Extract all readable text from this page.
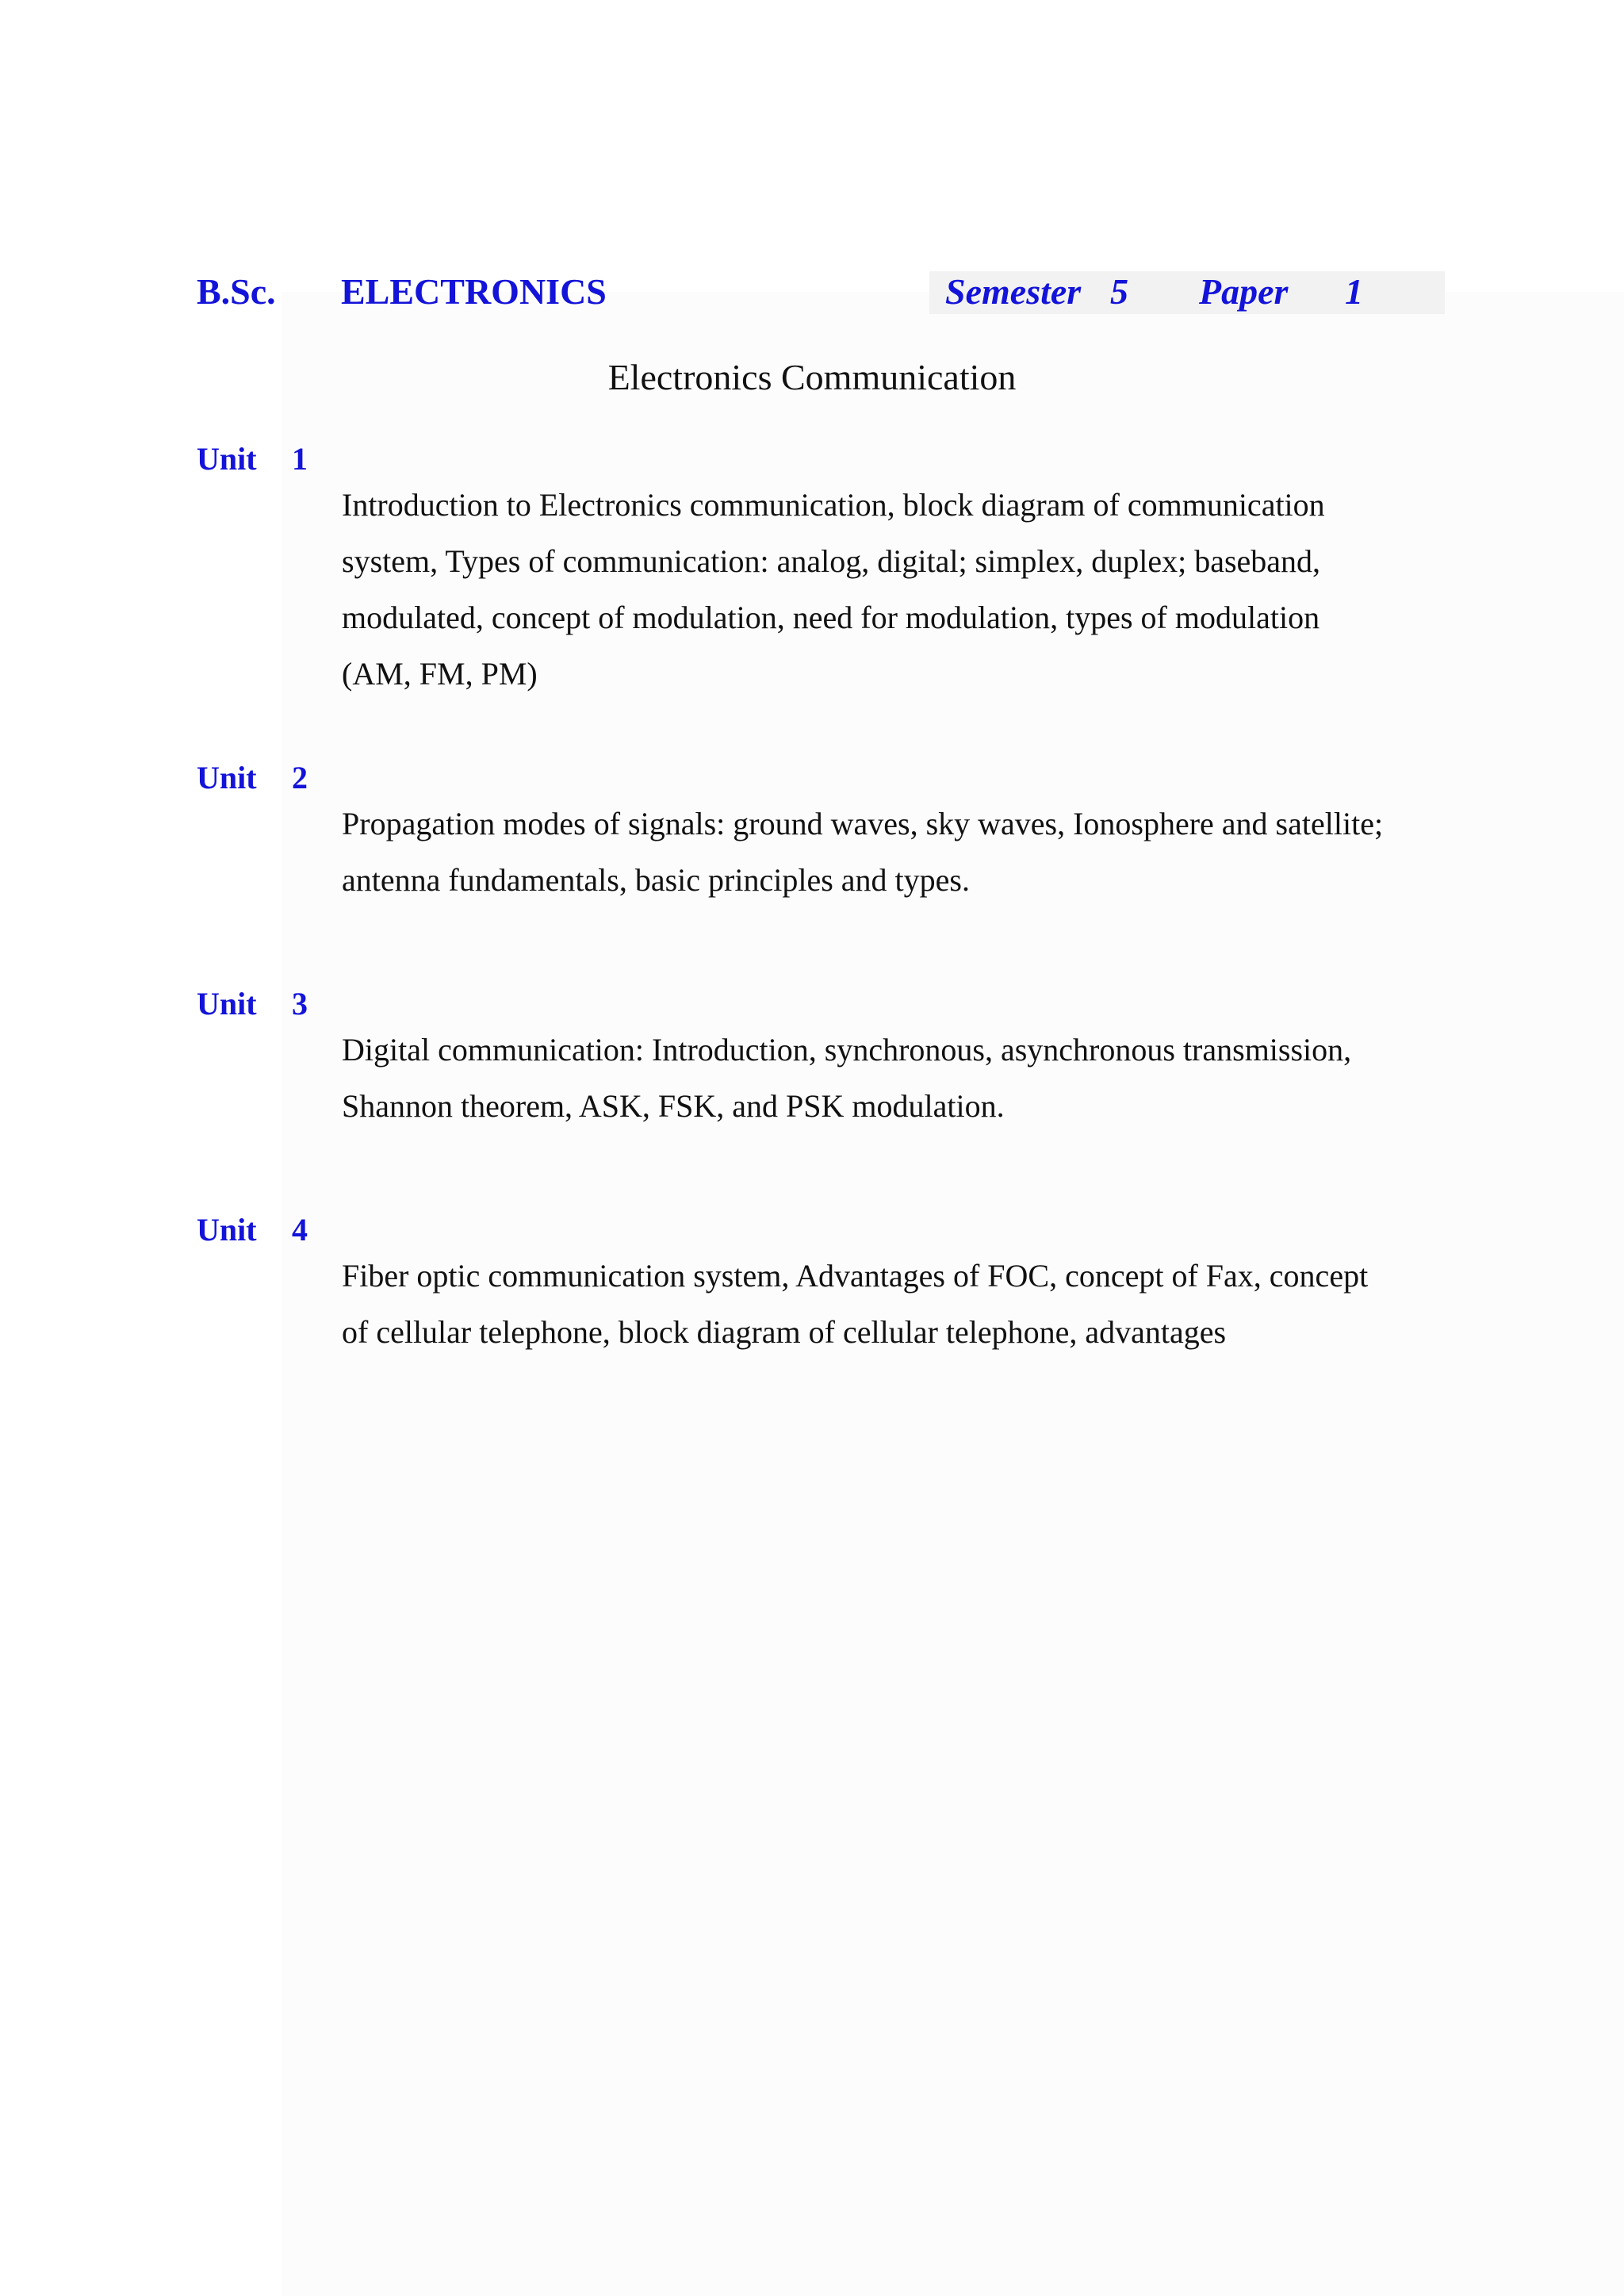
B.Sc. ELECTRONICS	Semester 5 Paper 1
Electronics Communication
Unit 1
Introduction to Electronics communication, block diagram of communication
system, Types of communication: analog, digital; simplex, duplex; baseband,
modulated, concept of modulation, need for modulation, types of modulation
(AM, FM, PM)
Unit 2
Propagation modes of signals: ground waves, sky waves, Ionosphere and satellite;
antenna fundamentals, basic principles and types.
Unit 3
Digital communication: Introduction, synchronous, asynchronous transmission,
Shannon theorem, ASK, FSK, and PSK modulation.
Unit 4
Fiber optic communication system, Advantages of FOC, concept of Fax, concept
of cellular telephone, block diagram of cellular telephone, advantages
